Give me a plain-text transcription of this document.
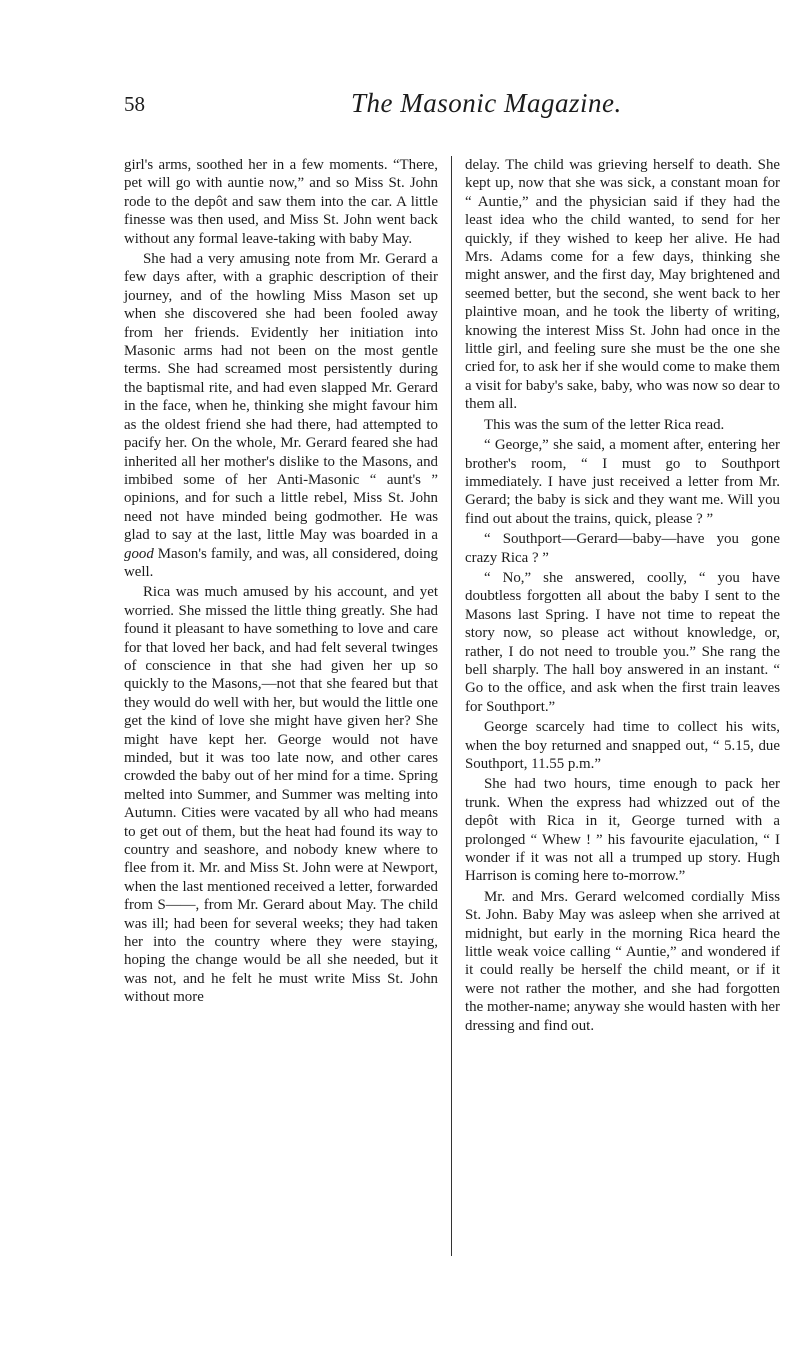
58	The Masonic Magazine.

girl's arms, soothed her in a few moments. “There, pet will go with auntie now,” and so Miss St. John rode to the depôt and saw them into the car. A little finesse was then used, and Miss St. John went back without any formal leave-taking with baby May.

She had a very amusing note from Mr. Gerard a few days after, with a graphic description of their journey, and of the howling Miss Mason set up when she discovered she had been fooled away from her friends. Evidently her initiation into Masonic arms had not been on the most gentle terms. She had screamed most persistently during the baptismal rite, and had even slapped Mr. Gerard in the face, when he, thinking she might favour him as the oldest friend she had there, had attempted to pacify her. On the whole, Mr. Gerard feared she had inherited all her mother's dislike to the Masons, and imbibed some of her Anti-Masonic “ aunt's ” opinions, and for such a little rebel, Miss St. John need not have minded being godmother. He was glad to say at the last, little May was boarded in a good Mason's family, and was, all considered, doing well.

Rica was much amused by his account, and yet worried. She missed the little thing greatly. She had found it pleasant to have something to love and care for that loved her back, and had felt several twinges of conscience in that she had given her up so quickly to the Masons,—not that she feared but that they would do well with her, but would the little one get the kind of love she might have given her? She might have kept her. George would not have minded, but it was too late now, and other cares crowded the baby out of her mind for a time. Spring melted into Summer, and Summer was melting into Autumn. Cities were vacated by all who had means to get out of them, but the heat had found its way to country and seashore, and nobody knew where to flee from it. Mr. and Miss St. John were at Newport, when the last mentioned received a letter, forwarded from S——, from Mr. Gerard about May. The child was ill; had been for several weeks; they had taken her into the country where they were staying, hoping the change would be all she needed, but it was not, and he felt he must write Miss St. John without more

delay. The child was grieving herself to death. She kept up, now that she was sick, a constant moan for “ Auntie,” and the physician said if they had the least idea who the child wanted, to send for her quickly, if they wished to keep her alive. He had Mrs. Adams come for a few days, thinking she might answer, and the first day, May brightened and seemed better, but the second, she went back to her plaintive moan, and he took the liberty of writing, knowing the interest Miss St. John had once in the little girl, and feeling sure she must be the one she cried for, to ask her if she would come to make them a visit for baby's sake, baby, who was now so dear to them all.

This was the sum of the letter Rica read.

“ George,” she said, a moment after, entering her brother's room, “ I must go to Southport immediately. I have just received a letter from Mr. Gerard; the baby is sick and they want me. Will you find out about the trains, quick, please ? ”

“ Southport—Gerard—baby—have you gone crazy Rica ? ”

“ No,” she answered, coolly, “ you have doubtless forgotten all about the baby I sent to the Masons last Spring. I have not time to repeat the story now, so please act without knowledge, or, rather, I do not need to trouble you.” She rang the bell sharply. The hall boy answered in an instant. “ Go to the office, and ask when the first train leaves for Southport.”

George scarcely had time to collect his wits, when the boy returned and snapped out, “ 5.15, due Southport, 11.55 p.m.”

She had two hours, time enough to pack her trunk. When the express had whizzed out of the depôt with Rica in it, George turned with a prolonged “ Whew ! ” his favourite ejaculation, “ I wonder if it was not all a trumped up story. Hugh Harrison is coming here to-morrow.”

Mr. and Mrs. Gerard welcomed cordially Miss St. John. Baby May was asleep when she arrived at midnight, but early in the morning Rica heard the little weak voice calling “ Auntie,” and wondered if it could really be herself the child meant, or if it were not rather the mother, and she had forgotten the mother-name; anyway she would hasten with her dressing and find out.
